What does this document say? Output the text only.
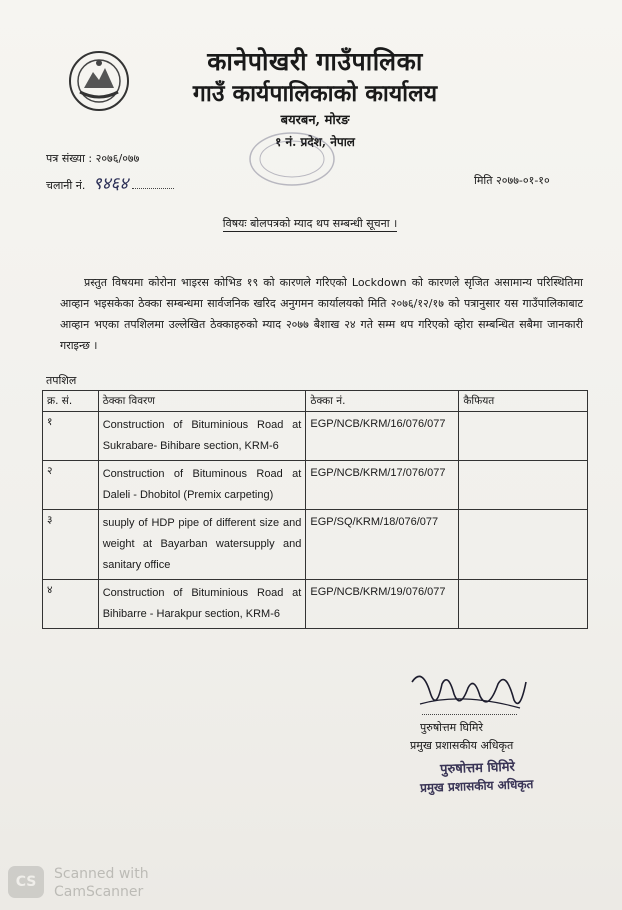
कानेपोखरी गाउँपालिका
गाउँ कार्यपालिकाको कार्यालय
बयरबन, मोरङ
१ नं. प्रदेश, नेपाल
पत्र संख्या : २०७६/०७७
चलानी नं. ९४६४	मिति २०७७-०१-१०
विषयः बोलपत्रको म्याद थप सम्बन्धी सूचना ।
प्रस्तुत विषयमा कोरोना भाइरस कोभिड १९ को कारणले गरिएको Lockdown को कारणले सृजित असामान्य परिस्थितिमा आव्हान भइसकेका ठेक्का सम्बन्धमा सार्वजनिक खरिद अनुगमन कार्यालयको मिति २०७६/१२/१७ को पत्रानुसार यस गाउँपालिकाबाट आव्हान भएका तपशिलमा उल्लेखित ठेक्काहरुको म्याद २०७७ बैशाख २४ गते सम्म थप गरिएको व्होरा सम्बन्धित सबैमा जानकारी गराइन्छ ।
तपशिल
क्र. सं.	ठेक्का विवरण	ठेक्का नं.	कैफियत
१	Construction of Bituminious Road at Sukrabare- Bihibare section, KRM-6	EGP/NCB/KRM/16/076/077	
२	Construction of Bituminous Road at Daleli - Dhobitol (Premix carpeting)	EGP/NCB/KRM/17/076/077	
३	suuply of HDP pipe of different size and weight at Bayarban watersupply and sanitary office	EGP/SQ/KRM/18/076/077	
४	Construction of Bituminious Road at Bihibarre - Harakpur section, KRM-6	EGP/NCB/KRM/19/076/077	
पुरुषोत्तम घिमिरे
प्रमुख प्रशासकीय अधिकृत
पुरुषोत्तम घिमिरे
प्रमुख प्रशासकीय अधिकृत
CS	Scanned with
CamScanner
